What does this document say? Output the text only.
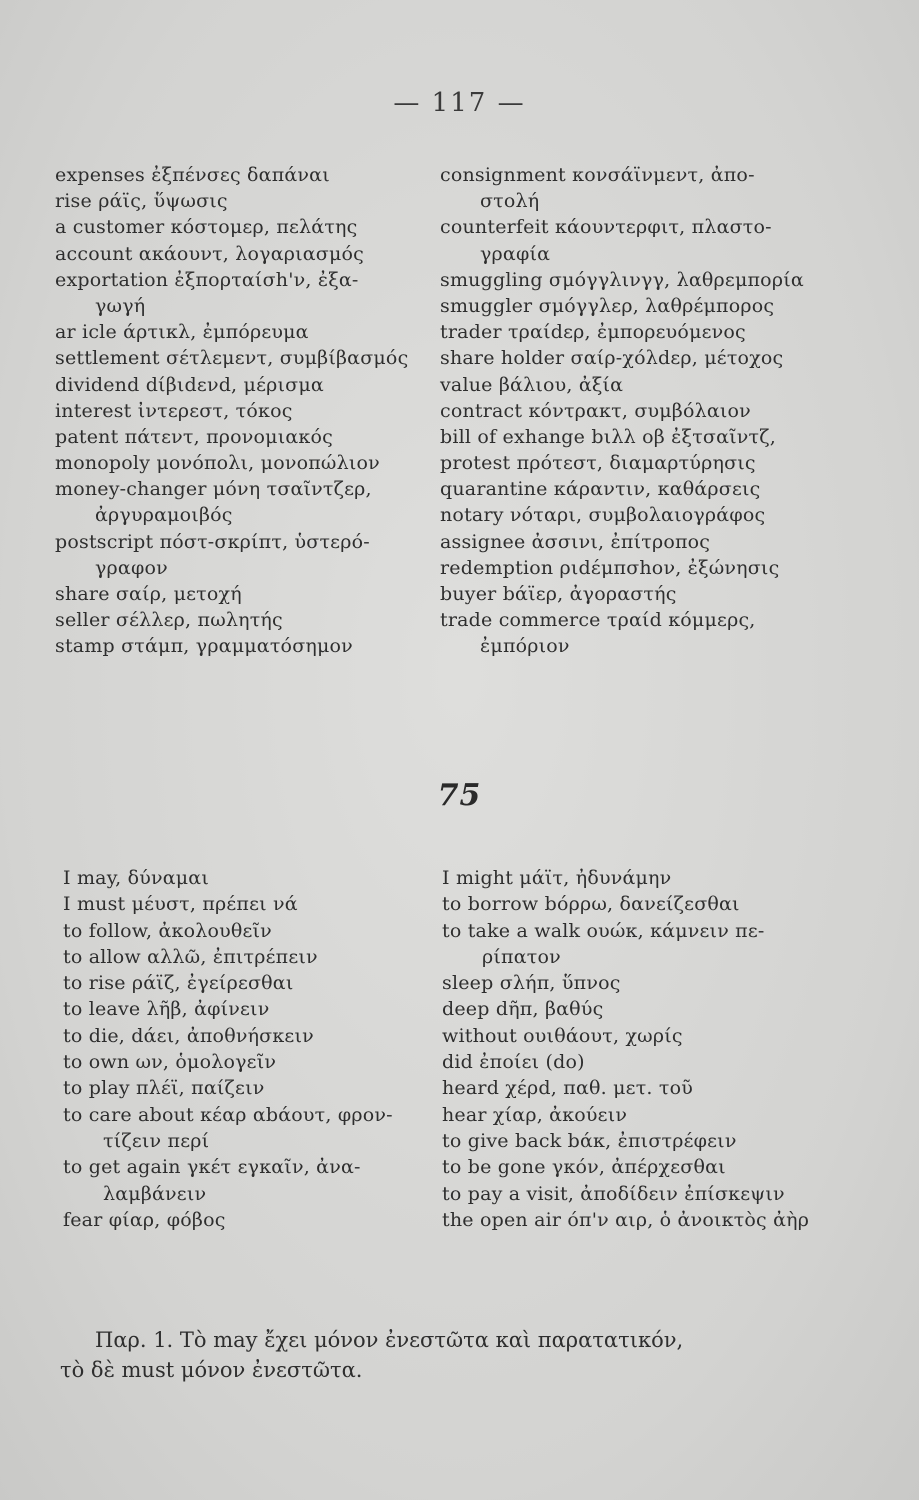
— 117 —
expenses ἐξπένσες δαπάναι
rise ράϊς, ὕψωσις
a customer κόστομερ, πελάτης
account ακάουντ, λογαριασμός
exportation ἐξπορταίσh'ν, ἐξα-
γωγή
ar icle άρτικλ, ἐμπόρευμα
settlement σέτλεμεντ, συμβίβασμός
dividend dίβιdενd, μέρισμα
interest ἰντερεστ, τόκος
patent πάτεντ, προνομιακός
monopoly μονόπολι, μονοπώλιον
money-changer μόνη τσαῖντζερ,
ἀργυραμοιβός
postscript πόστ-σκρίπτ, ὑστερό-
γραφον
share σαίρ, μετοχή
seller σέλλερ, πωλητής
stamp στάμπ, γραμματόσημον
consignment κονσάϊνμεντ, ἀπο-
στολή
counterfeit κάουντερφιτ, πλαστο-
γραφία
smuggling σμόγγλινγγ, λαθρεμπορία
smuggler σμόγγλερ, λαθρέμπορος
trader τραίdερ, ἐμπορευόμενος
share holder σαίρ-χόλdερ, μέτοχος
value βάλιου, ἀξία
contract κόντρακτ, συμβόλαιον
bill of exhange bιλλ οβ ἐξτσαῖντζ,
protest πρότεστ, διαμαρτύρησις
quarantine κάραντιν, καθάρσεις
notary νόταρι, συμβολαιογράφος
assignee ἀσσινι, ἐπίτροπος
redemption ριdέμπσhον, ἐξώνησις
buyer bάϊερ, ἀγοραστής
trade commerce τραίd κόμμερς,
ἐμπόριον
75
I may, δύναμαι
I must μέυστ, πρέπει νά
to follow, ἀκολουθεῖν
to allow αλλῶ, ἐπιτρέπειν
to rise ράϊζ, ἐγείρεσθαι
to leave λῆβ, ἀφίνειν
to die, dάει, ἀποθνήσκειν
to own ων, ὁμολογεῖν
to play πλέϊ, παίζειν
to care about κέαρ αbάουτ, φρον-
τίζειν περί
to get again γκέτ εγκαῖν, ἀνα-
λαμβάνειν
fear φίαρ, φόβος
I might μάϊτ, ἠδυνάμην
to borrow bόρρω, δανείζεσθαι
to take a walk ουώκ, κάμνειν πε-
ρίπατον
sleep σλήπ, ὕπνος
deep dῆπ, βαθύς
without ουιθάουτ, χωρίς
did ἐποίει (do)
heard χέρd, παθ. μετ. τοῦ
hear χίαρ, ἀκούειν
to give back bάκ, ἐπιστρέφειν
to be gone γκόν, ἀπέρχεσθαι
to pay a visit, ἀποδίδειν ἐπίσκεψιν
the open air όπ'ν αιρ, ὁ ἀνοικτὸς ἀὴρ
Παρ. 1. Τὸ may ἔχει μόνον ἐνεστῶτα καὶ παρατατικόν,
τὸ δὲ must μόνον ἐνεστῶτα.
